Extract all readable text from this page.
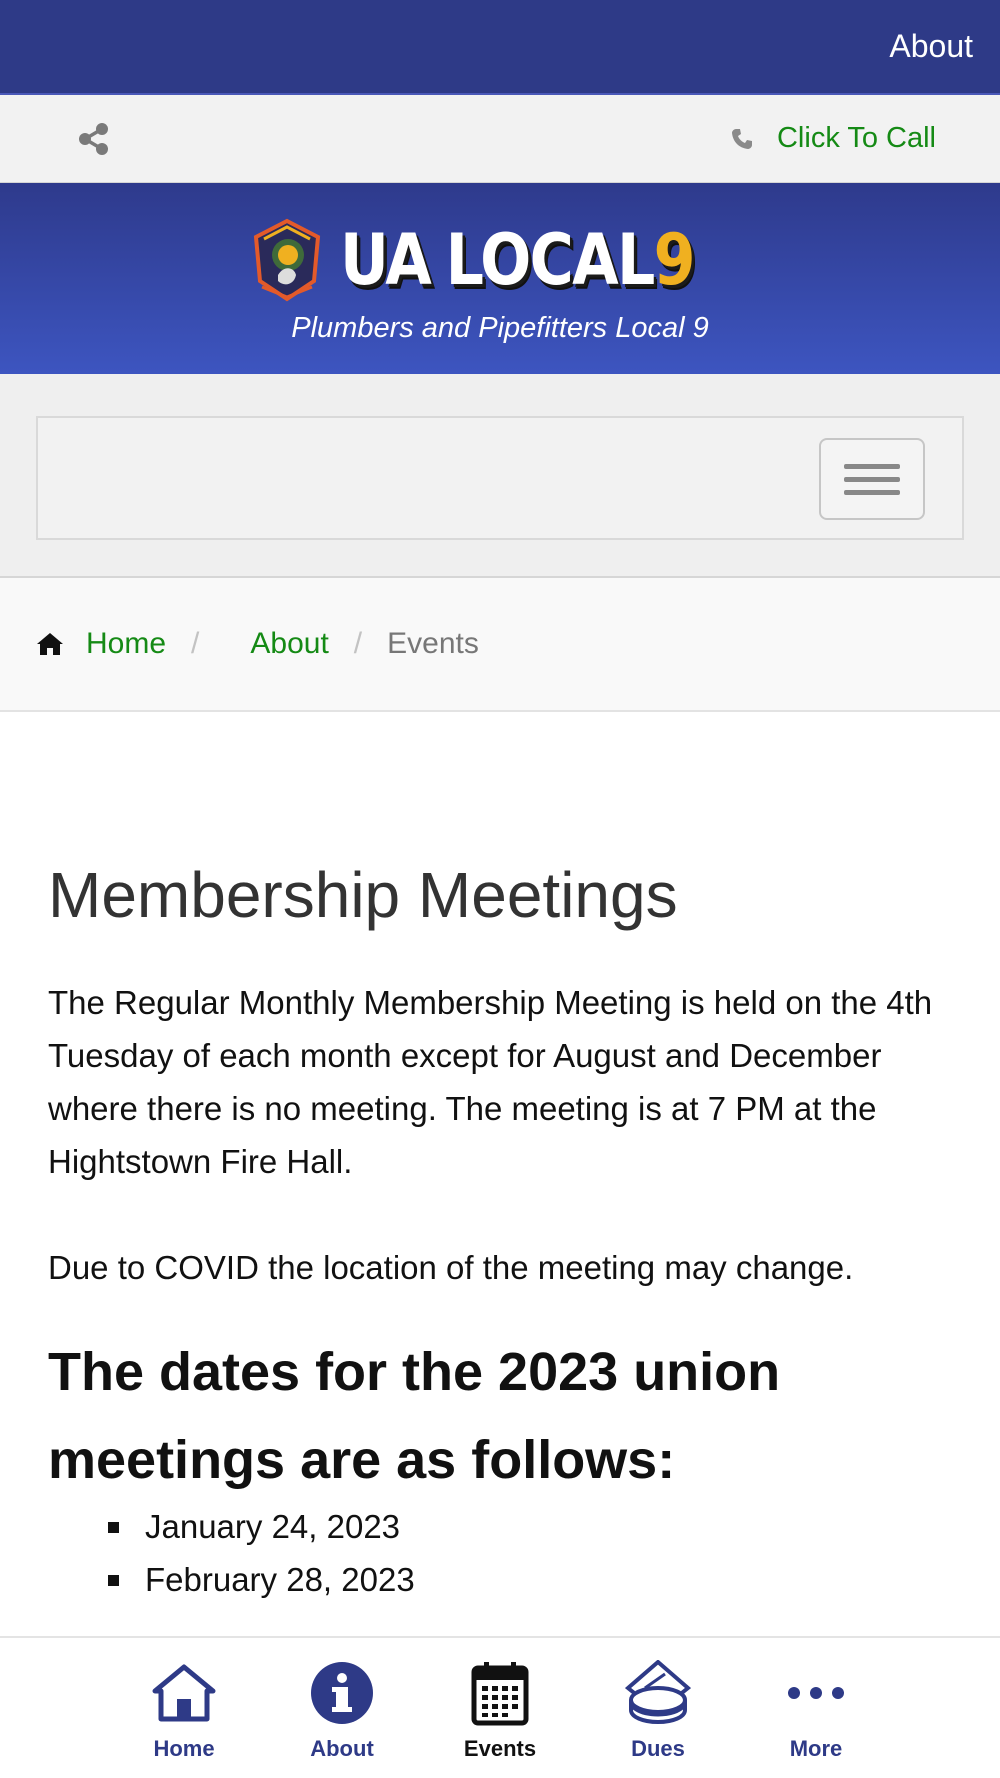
About
Click To Call
UA LOCAL 9
Plumbers and Pipefitters Local 9
Home / About / Events
Membership Meetings

The Regular Monthly Membership Meeting is held on the 4th Tuesday of each month except for August and December where there is no meeting. The meeting is at 7 PM at the Hightstown Fire Hall.

Due to COVID the location of the meeting may change.

The dates for the 2023 union meetings are as follows:
January 24, 2023
February 28, 2023
Home	About	Events	Dues	More
